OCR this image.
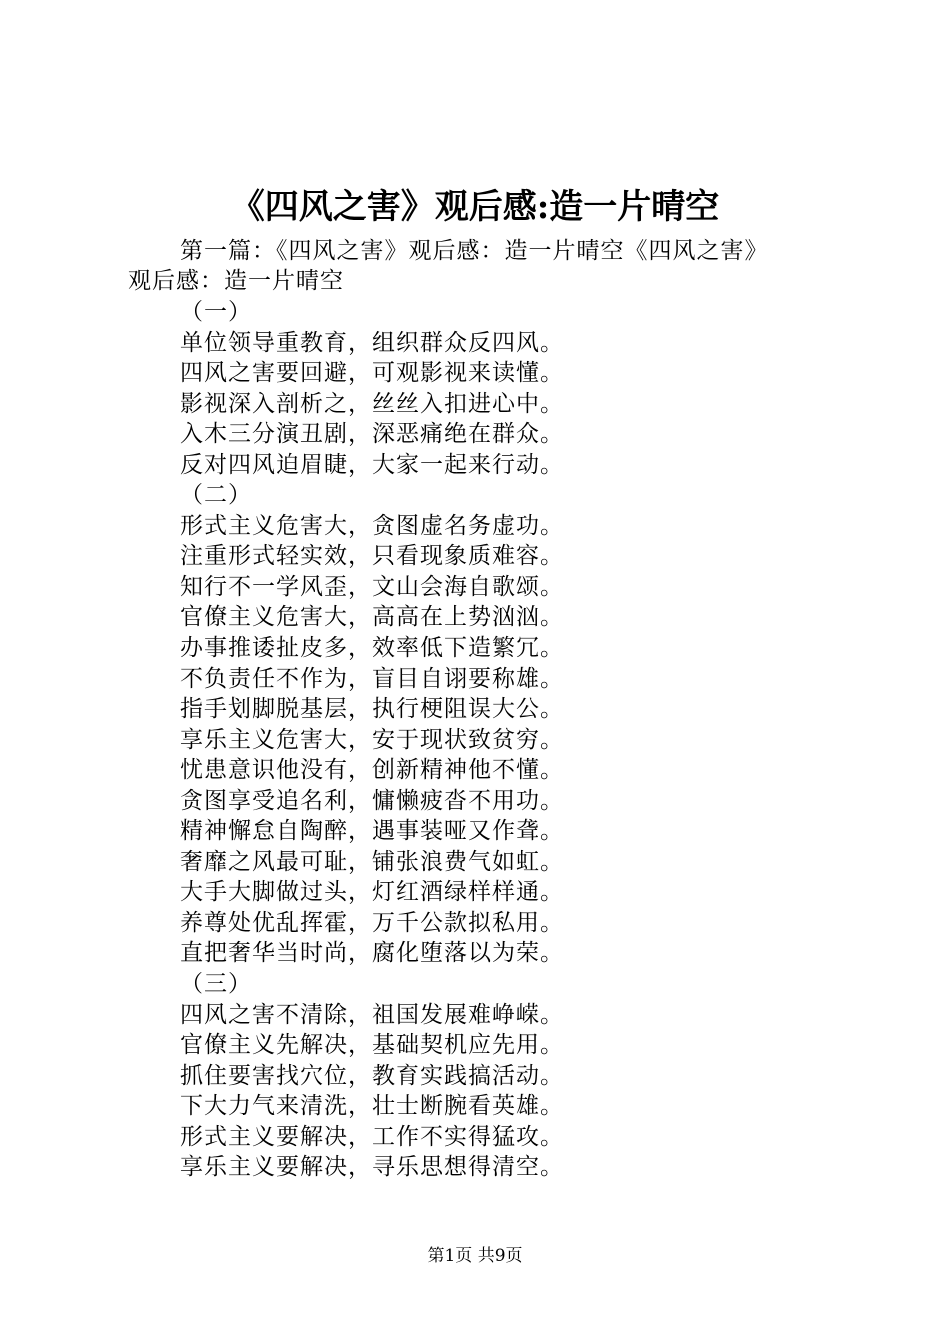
《四风之害》观后感:造一片晴空
第一篇：《四风之害》观后感：造一片晴空《四风之害》
观后感：造一片晴空
（一）
单位领导重教育，组织群众反四风。
四风之害要回避，可观影视来读懂。
影视深入剖析之，丝丝入扣进心中。
入木三分演丑剧，深恶痛绝在群众。
反对四风迫眉睫，大家一起来行动。
（二）
形式主义危害大，贪图虚名务虚功。
注重形式轻实效，只看现象质难容。
知行不一学风歪，文山会海自歌颂。
官僚主义危害大，高高在上势汹汹。
办事推诿扯皮多，效率低下造繁冗。
不负责任不作为，盲目自诩要称雄。
指手划脚脱基层，执行梗阻误大公。
享乐主义危害大，安于现状致贫穷。
忧患意识他没有，创新精神他不懂。
贪图享受追名利，慵懒疲沓不用功。
精神懈怠自陶醉，遇事装哑又作聋。
奢靡之风最可耻，铺张浪费气如虹。
大手大脚做过头，灯红酒绿样样通。
养尊处优乱挥霍，万千公款拟私用。
直把奢华当时尚，腐化堕落以为荣。
（三）
四风之害不清除，祖国发展难峥嵘。
官僚主义先解决，基础契机应先用。
抓住要害找穴位，教育实践搞活动。
下大力气来清洗，壮士断腕看英雄。
形式主义要解决，工作不实得猛攻。
享乐主义要解决，寻乐思想得清空。
第1页 共9页
